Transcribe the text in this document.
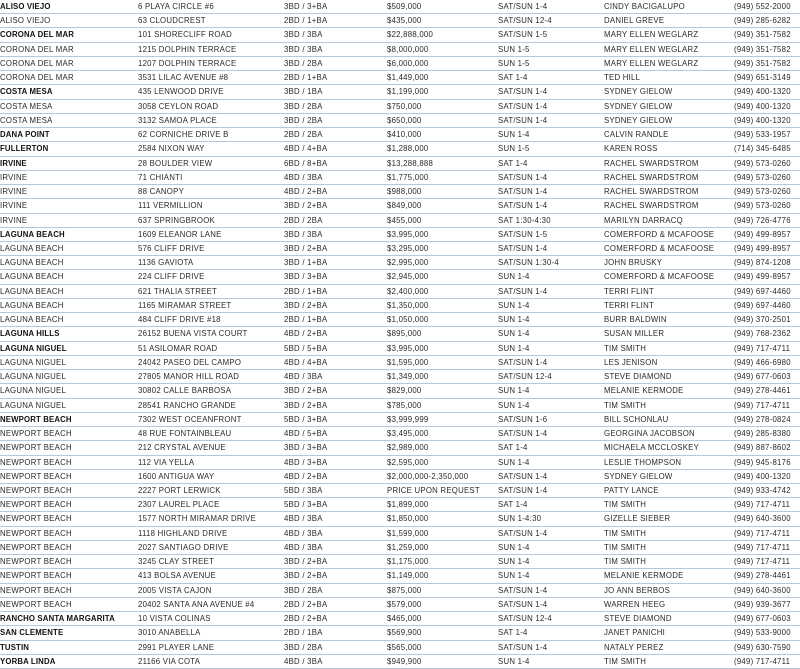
ALISO VIEJO	6 PLAYA CIRCLE #6	3BD / 3+BA	$509,000	SAT/SUN 1-4	CINDY BACIGALUPO	(949) 552-2000
ALISO VIEJO	63 CLOUDCREST	2BD / 1+BA	$435,000	SAT/SUN 12-4	DANIEL GREVE	(949) 285-6282
CORONA DEL MAR	101 SHORECLIFF ROAD	3BD / 3BA	$22,888,000	SAT/SUN 1-5	MARY ELLEN WEGLARZ	(949) 351-7582
CORONA DEL MAR	1215 DOLPHIN TERRACE	3BD / 3BA	$8,000,000	SUN 1-5	MARY ELLEN WEGLARZ	(949) 351-7582
CORONA DEL MAR	1207 DOLPHIN TERRACE	3BD / 2BA	$6,000,000	SUN 1-5	MARY ELLEN WEGLARZ	(949) 351-7582
CORONA DEL MAR	3531 LILAC AVENUE #8	2BD / 1+BA	$1,449,000	SAT 1-4	TED HILL	(949) 651-3149
COSTA MESA	435 LENWOOD DRIVE	3BD / 1BA	$1,199,000	SAT/SUN 1-4	SYDNEY GIELOW	(949) 400-1320
COSTA MESA	3058 CEYLON ROAD	3BD / 2BA	$750,000	SAT/SUN 1-4	SYDNEY GIELOW	(949) 400-1320
COSTA MESA	3132 SAMOA PLACE	3BD / 2BA	$650,000	SAT/SUN 1-4	SYDNEY GIELOW	(949) 400-1320
DANA POINT	62 CORNICHE DRIVE B	2BD / 2BA	$410,000	SUN 1-4	CALVIN RANDLE	(949) 533-1957
FULLERTON	2584 NIXON WAY	4BD / 4+BA	$1,288,000	SUN 1-5	KAREN ROSS	(714) 345-6485
IRVINE	28 BOULDER VIEW	6BD / 8+BA	$13,288,888	SAT 1-4	RACHEL SWARDSTROM	(949) 573-0260
IRVINE	71 CHIANTI	4BD / 3BA	$1,775,000	SAT/SUN 1-4	RACHEL SWARDSTROM	(949) 573-0260
IRVINE	88 CANOPY	4BD / 2+BA	$988,000	SAT/SUN 1-4	RACHEL SWARDSTROM	(949) 573-0260
IRVINE	111 VERMILLION	3BD / 2+BA	$849,000	SAT/SUN 1-4	RACHEL SWARDSTROM	(949) 573-0260
IRVINE	637 SPRINGBROOK	2BD / 2BA	$455,000	SAT 1:30-4:30	MARILYN DARRACQ	(949) 726-4776
LAGUNA BEACH	1609 ELEANOR LANE	3BD / 3BA	$3,995,000	SAT/SUN 1-5	COMERFORD & MCAFOOSE	(949) 499-8957
LAGUNA BEACH	576 CLIFF DRIVE	3BD / 2+BA	$3,295,000	SAT/SUN 1-4	COMERFORD & MCAFOOSE	(949) 499-8957
LAGUNA BEACH	1136 GAVIOTA	3BD / 1+BA	$2,995,000	SAT/SUN 1:30-4	JOHN BRUSKY	(949) 874-1208
LAGUNA BEACH	224 CLIFF DRIVE	3BD / 3+BA	$2,945,000	SUN 1-4	COMERFORD & MCAFOOSE	(949) 499-8957
LAGUNA BEACH	621 THALIA STREET	2BD / 1+BA	$2,400,000	SAT/SUN 1-4	TERRI FLINT	(949) 697-4460
LAGUNA BEACH	1165 MIRAMAR STREET	3BD / 2+BA	$1,350,000	SUN 1-4	TERRI FLINT	(949) 697-4460
LAGUNA BEACH	484 CLIFF DRIVE #18	2BD / 1+BA	$1,050,000	SUN 1-4	BURR BALDWIN	(949) 370-2501
LAGUNA HILLS	26152 BUENA VISTA COURT	4BD / 2+BA	$895,000	SUN 1-4	SUSAN MILLER	(949) 768-2362
LAGUNA NIGUEL	51 ASILOMAR ROAD	5BD / 5+BA	$3,995,000	SUN 1-4	TIM SMITH	(949) 717-4711
LAGUNA NIGUEL	24042 PASEO DEL CAMPO	4BD / 4+BA	$1,595,000	SAT/SUN 1-4	LES JENISON	(949) 466-6980
LAGUNA NIGUEL	27805 MANOR HILL ROAD	4BD / 3BA	$1,349,000	SAT/SUN 12-4	STEVE DIAMOND	(949) 677-0603
LAGUNA NIGUEL	30802 CALLE BARBOSA	3BD / 2+BA	$829,000	SUN 1-4	MELANIE KERMODE	(949) 278-4461
LAGUNA NIGUEL	28541 RANCHO GRANDE	3BD / 2+BA	$785,000	SUN 1-4	TIM SMITH	(949) 717-4711
NEWPORT BEACH	7302 WEST OCEANFRONT	5BD / 3+BA	$3,999,999	SAT/SUN 1-6	BILL SCHONLAU	(949) 278-0824
NEWPORT BEACH	48 RUE FONTAINBLEAU	4BD / 5+BA	$3,495,000	SAT/SUN 1-4	GEORGINA JACOBSON	(949) 285-8380
NEWPORT BEACH	212 CRYSTAL AVENUE	3BD / 3+BA	$2,989,000	SAT 1-4	MICHAELA MCCLOSKEY	(949) 887-8602
NEWPORT BEACH	112 VIA YELLA	4BD / 3+BA	$2,595,000	SUN 1-4	LESLIE THOMPSON	(949) 945-8176
NEWPORT BEACH	1600 ANTIGUA WAY	4BD / 2+BA	$2,000,000-2,350,000	SAT/SUN 1-4	SYDNEY GIELOW	(949) 400-1320
NEWPORT BEACH	2227 PORT LERWICK	5BD / 3BA	PRICE UPON REQUEST	SAT/SUN 1-4	PATTY LANCE	(949) 933-4742
NEWPORT BEACH	2307 LAUREL PLACE	5BD / 3+BA	$1,899,000	SAT 1-4	TIM SMITH	(949) 717-4711
NEWPORT BEACH	1577 NORTH MIRAMAR DRIVE	4BD / 3BA	$1,850,000	SUN 1-4:30	GIZELLE SIEBER	(949) 640-3600
NEWPORT BEACH	1118 HIGHLAND DRIVE	4BD / 3BA	$1,599,000	SAT/SUN 1-4	TIM SMITH	(949) 717-4711
NEWPORT BEACH	2027 SANTIAGO DRIVE	4BD / 3BA	$1,259,000	SUN 1-4	TIM SMITH	(949) 717-4711
NEWPORT BEACH	3245 CLAY STREET	3BD / 2+BA	$1,175,000	SUN 1-4	TIM SMITH	(949) 717-4711
NEWPORT BEACH	413 BOLSA AVENUE	3BD / 2+BA	$1,149,000	SUN 1-4	MELANIE KERMODE	(949) 278-4461
NEWPORT BEACH	2005 VISTA CAJON	3BD / 2BA	$875,000	SAT/SUN 1-4	JO ANN BERBOS	(949) 640-3600
NEWPORT BEACH	20402 SANTA ANA AVENUE #4	2BD / 2+BA	$579,000	SAT/SUN 1-4	WARREN HEEG	(949) 939-3677
RANCHO SANTA MARGARITA	10 VISTA COLINAS	2BD / 2+BA	$465,000	SAT/SUN 12-4	STEVE DIAMOND	(949) 677-0603
SAN CLEMENTE	3010 ANABELLA	2BD / 1BA	$569,900	SAT 1-4	JANET PANICHI	(949) 533-9000
TUSTIN	2991 PLAYER LANE	3BD / 2BA	$565,000	SAT/SUN 1-4	NATALY PEREZ	(949) 630-7590
YORBA LINDA	21166 VIA COTA	4BD / 3BA	$949,900	SUN 1-4	TIM SMITH	(949) 717-4711
